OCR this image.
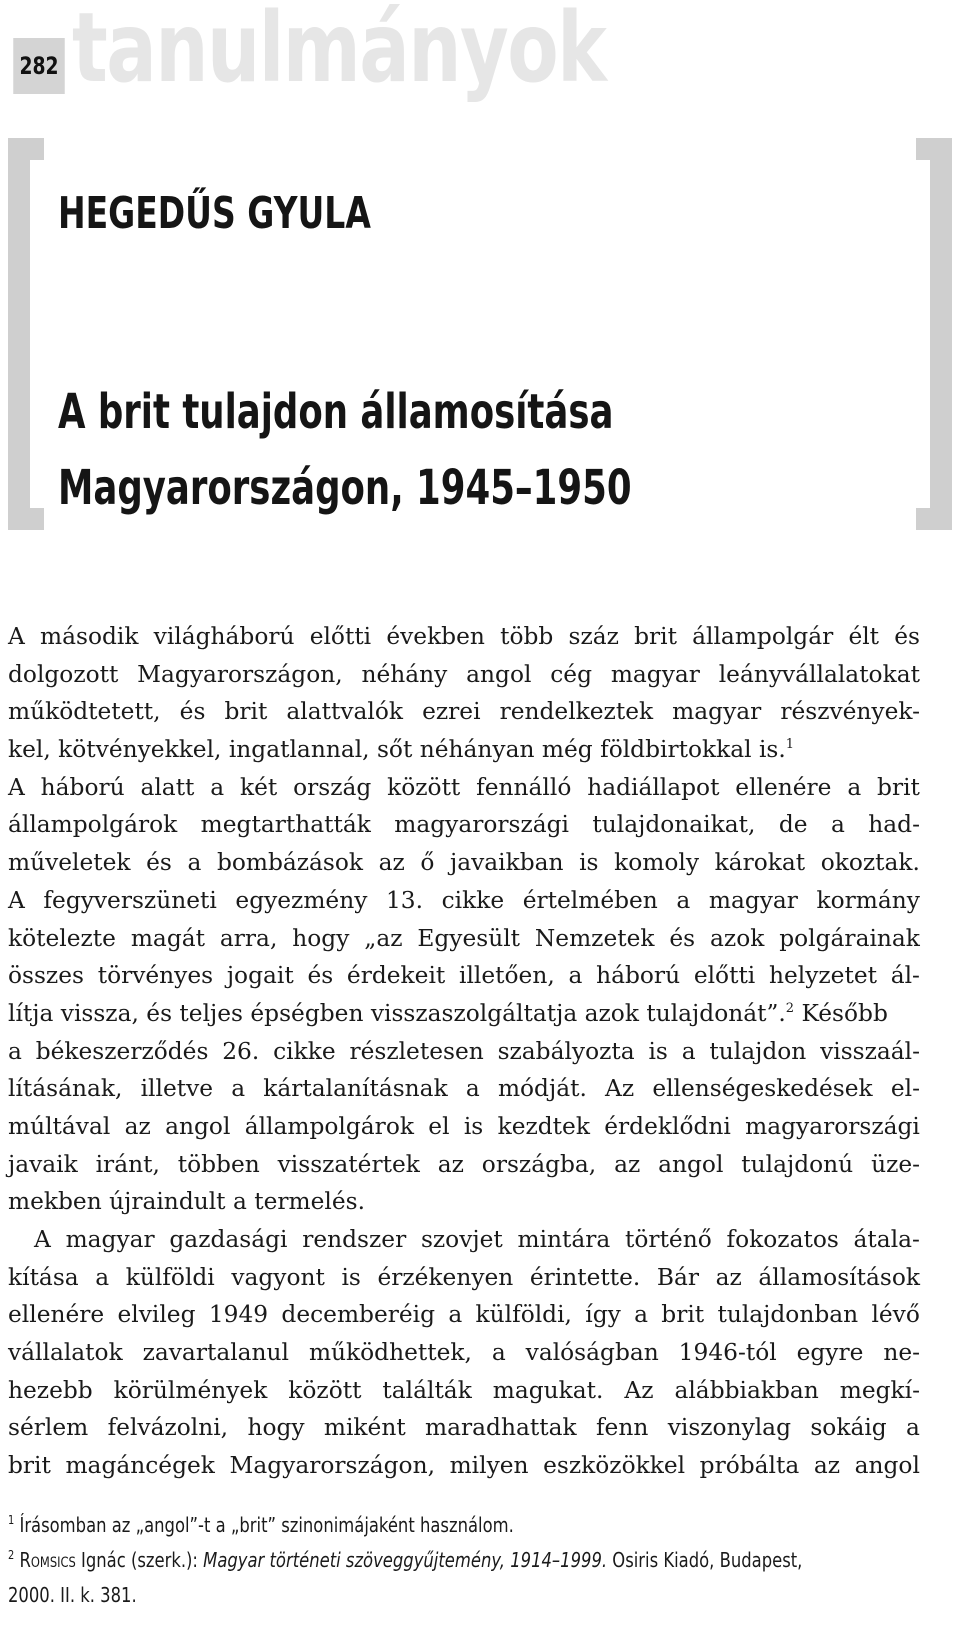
282 tanulmányok
HEGEDŰS GYULA
A brit tulajdon államosítása
Magyarországon, 1945–1950
A második világháború előtti években több száz brit állampolgár élt és
dolgozott Magyarországon, néhány angol cég magyar leányvállalatokat
működtetett, és brit alattvalók ezrei rendelkeztek magyar részvények-
kel, kötvényekkel, ingatlannal, sőt néhányan még földbirtokkal is.$^1$
A háború alatt a két ország között fennálló hadiállapot ellenére a brit
állampolgárok megtarthatták magyarországi tulajdonaikat, de a had-
műveletek és a bombázások az ő javaikban is komoly károkat okoztak.
A fegyverszüneti egyezmény 13. cikke értelmében a magyar kormány
kötelezte magát arra, hogy „az Egyesült Nemzetek és azok polgárainak
összes törvényes jogait és érdekeit illetően, a háború előtti helyzetet ál-
lítja vissza, és teljes épségben visszaszolgáltatja azok tulajdonát”.$^2$ Később
a békeszerződés 26. cikke részletesen szabályozta is a tulajdon visszaál-
lításának, illetve a kártalanításnak a módját. Az ellenségeskedések el-
múltával az angol állampolgárok el is kezdtek érdeklődni magyarországi
javaik iránt, többen visszatértek az országba, az angol tulajdonú üze-
mekben újraindult a termelés.
A magyar gazdasági rendszer szovjet mintára történő fokozatos átala-
kítása a külföldi vagyont is érzékenyen érintette. Bár az államosítások
ellenére elvileg 1949 decemberéig a külföldi, így a brit tulajdonban lévő
vállalatok zavartalanul működhettek, a valóságban 1946-tól egyre ne-
hezebb körülmények között találták magukat. Az alábbiakban megkí-
sérlem felvázolni, hogy miként maradhattak fenn viszonylag sokáig a
brit magáncégek Magyarországon, milyen eszközökkel próbálta az angol
$^1$ Írásomban az „angol”-t a „brit” szinonimájaként használom.
$^2$ Romsics Ignác (szerk.): Magyar történeti szöveggyűjtemény, 1914–1999. Osiris Kiadó, Budapest,
2000. II. k. 381.
